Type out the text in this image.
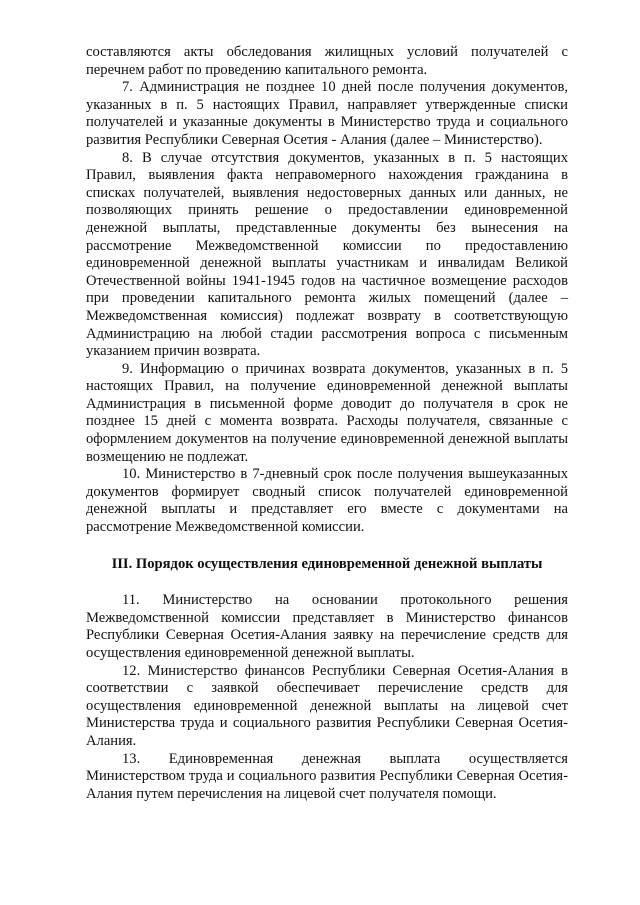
составляются акты обследования жилищных условий получателей с перечнем работ по проведению капитального ремонта.

7. Администрация не позднее 10 дней после получения документов, указанных в п. 5 настоящих Правил, направляет утвержденные списки получателей и указанные документы в Министерство труда и социального развития Республики Северная Осетия - Алания (далее – Министерство).

8. В случае отсутствия документов, указанных в п. 5 настоящих Правил, выявления факта неправомерного нахождения гражданина в списках получателей, выявления недостоверных данных или данных, не позволяющих принять решение о предоставлении единовременной денежной выплаты, представленные документы без вынесения на рассмотрение Межведомственной комиссии по предоставлению единовременной денежной выплаты участникам и инвалидам Великой Отечественной войны 1941-1945 годов на частичное возмещение расходов при проведении капитального ремонта жилых помещений (далее – Межведомственная комиссия) подлежат возврату в соответствующую Администрацию на любой стадии рассмотрения вопроса с письменным указанием причин возврата.

9. Информацию о причинах возврата документов, указанных в п. 5 настоящих Правил, на получение единовременной денежной выплаты Администрация в письменной форме доводит до получателя в срок не позднее 15 дней с момента возврата. Расходы получателя, связанные с оформлением документов на получение единовременной денежной выплаты возмещению не подлежат.

10. Министерство в 7-дневный срок после получения вышеуказанных документов формирует сводный список получателей единовременной денежной выплаты и представляет его вместе с документами на рассмотрение Межведомственной комиссии.

III. Порядок осуществления единовременной денежной выплаты

11. Министерство на основании протокольного решения Межведомственной комиссии представляет в Министерство финансов Республики Северная Осетия-Алания заявку на перечисление средств для осуществления единовременной денежной выплаты.

12. Министерство финансов Республики Северная Осетия-Алания в соответствии с заявкой обеспечивает перечисление средств для осуществления единовременной денежной выплаты на лицевой счет Министерства труда и социального развития Республики Северная Осетия-Алания.

13. Единовременная денежная выплата осуществляется Министерством труда и социального развития Республики Северная Осетия-Алания путем перечисления на лицевой счет получателя помощи.
